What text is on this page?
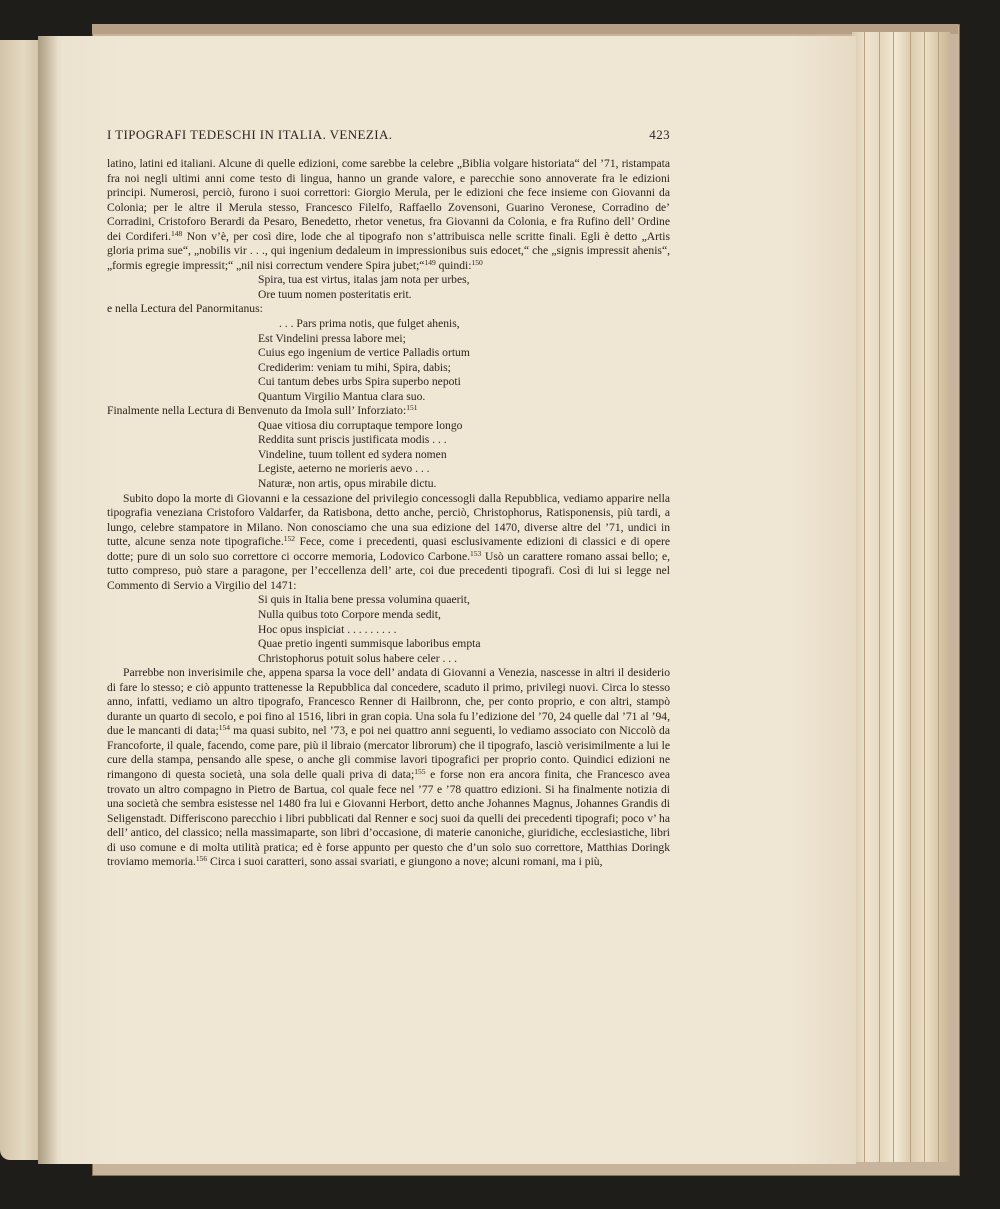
I TIPOGRAFI TEDESCHI IN ITALIA. VENEZIA.	423

latino, latini ed italiani. Alcune di quelle edizioni, come sarebbe la celebre „Biblia volgare historiata“ del ’71, ristampata fra noi negli ultimi anni come testo di lingua, hanno un grande valore, e parecchie sono annoverate fra le edizioni principi. Numerosi, perciò, furono i suoi correttori: Giorgio Merula, per le edizioni che fece insieme con Giovanni da Colonia; per le altre il Merula stesso, Francesco Filelfo, Raffaello Zovensoni, Guarino Veronese, Corradino de’ Corradini, Cristoforo Berardi da Pesaro, Benedetto, rhetor venetus, fra Giovanni da Colonia, e fra Rufino dell’ Ordine dei Cordiferi.$^{148}$ Non v’è, per così dire, lode che al tipografo non s’attribuisca nelle scritte finali. Egli è detto „Artis gloria prima sue“, „nobilis vir . . ., qui ingenium dedaleum in impressionibus suis edocet,“ che „signis impressit ahenis“, „formis egregie impressit;“ „nil nisi correctum vendere Spira jubet;“$^{149}$ quindi:$^{150}$

Spira, tua est virtus, italas jam nota per urbes,

Ore tuum nomen posteritatis erit.

e nella Lectura del Panormitanus:

. . . Pars prima notis, que fulget ahenis,

Est Vindelini pressa labore mei;

Cuius ego ingenium de vertice Palladis ortum

Crediderim: veniam tu mihi, Spira, dabis;

Cui tantum debes urbs Spira superbo nepoti

Quantum Virgilio Mantua clara suo.

Finalmente nella Lectura di Benvenuto da Imola sull’ Inforziato:$^{151}$

Quae vitiosa diu corruptaque tempore longo

Reddita sunt priscis justificata modis . . .

Vindeline, tuum tollent ed sydera nomen

Legiste, aeterno ne morieris aevo . . .

Naturæ, non artis, opus mirabile dictu.

Subito dopo la morte di Giovanni e la cessazione del privilegio concessogli dalla Repubblica, vediamo apparire nella tipografia veneziana Cristoforo Valdarfer, da Ratisbona, detto anche, perciò, Christophorus, Ratisponensis, più tardi, a lungo, celebre stampatore in Milano. Non conosciamo che una sua edizione del 1470, diverse altre del ’71, undici in tutte, alcune senza note tipografiche.$^{152}$ Fece, come i precedenti, quasi esclusivamente edizioni di classici e di opere dotte; pure di un solo suo correttore ci occorre memoria, Lodovico Carbone.$^{153}$ Usò un carattere romano assai bello; e, tutto compreso, può stare a paragone, per l’eccellenza dell’ arte, coi due precedenti tipografi. Così di lui si legge nel Commento di Servio a Virgilio del 1471:

Si quis in Italia bene pressa volumina quaerit,

Nulla quibus toto Corpore menda sedit,

Hoc opus inspiciat . . . . . . . . .

Quae pretio ingenti summisque laboribus empta

Christophorus potuit solus habere celer . . .

Parrebbe non inverisimile che, appena sparsa la voce dell’ andata di Giovanni a Venezia, nascesse in altri il desiderio di fare lo stesso; e ciò appunto trattenesse la Repubblica dal concedere, scaduto il primo, privilegi nuovi. Circa lo stesso anno, infatti, vediamo un altro tipografo, Francesco Renner di Hailbronn, che, per conto proprio, e con altri, stampò durante un quarto di secolo, e poi fino al 1516, libri in gran copia. Una sola fu l’edizione del ’70, 24 quelle dal ’71 al ’94, due le mancanti di data;$^{154}$ ma quasi subito, nel ’73, e poi nei quattro anni seguenti, lo vediamo associato con Niccolò da Francoforte, il quale, facendo, come pare, più il libraio (mercator librorum) che il tipografo, lasciò verisimilmente a lui le cure della stampa, pensando alle spese, o anche gli commise lavori tipografici per proprio conto. Quindici edizioni ne rimangono di questa società, una sola delle quali priva di data;$^{155}$ e forse non era ancora finita, che Francesco avea trovato un altro compagno in Pietro de Bartua, col quale fece nel ’77 e ’78 quattro edizioni. Si ha finalmente notizia di una società che sembra esistesse nel 1480 fra lui e Giovanni Herbort, detto anche Johannes Magnus, Johannes Grandis di Seligenstadt. Differiscono parecchio i libri pubblicati dal Renner e socj suoi da quelli dei precedenti tipografi; poco v’ ha dell’ antico, del classico; nella massimaparte, son libri d’occasione, di materie canoniche, giuridiche, ecclesiastiche, libri di uso comune e di molta utilità pratica; ed è forse appunto per questo che d’un solo suo correttore, Matthias Doringk troviamo memoria.$^{156}$ Circa i suoi caratteri, sono assai svariati, e giungono a nove; alcuni romani, ma i più,
